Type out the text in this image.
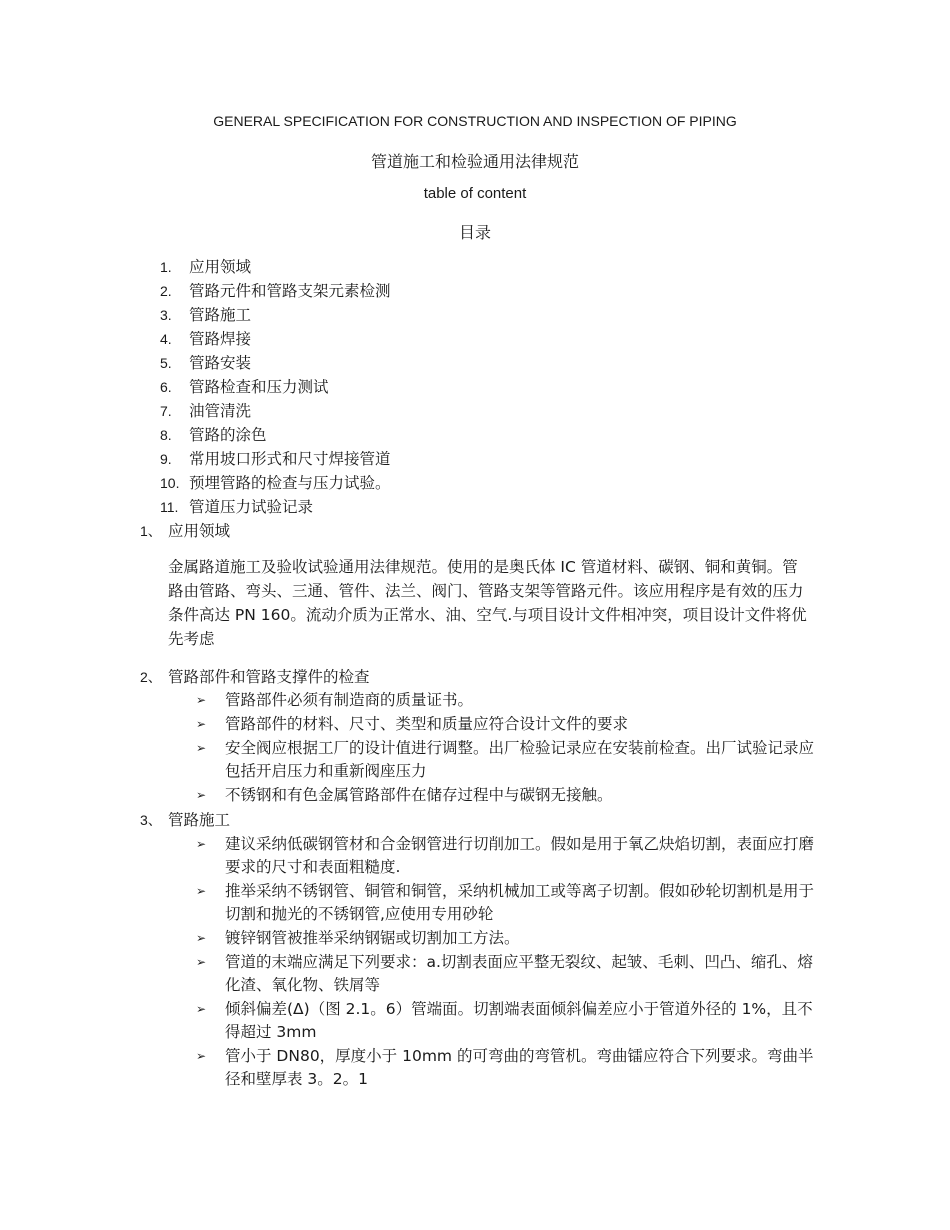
GENERAL SPECIFICATION FOR CONSTRUCTION AND INSPECTION OF PIPING
管道施工和检验通用法律规范
table of content
目录
1. 应用领域
2. 管路元件和管路支架元素检测
3. 管路施工
4. 管路焊接
5. 管路安装
6. 管路检查和压力测试
7. 油管清洗
8. 管路的涂色
9. 常用坡口形式和尺寸焊接管道
10. 预埋管路的检查与压力试验。
11. 管道压力试验记录
1、 应用领域
金属路道施工及验收试验通用法律规范。使用的是奥氏体 IC 管道材料、碳钢、铜和黄铜。管路由管路、弯头、三通、管件、法兰、阀门、管路支架等管路元件。该应用程序是有效的压力条件高达 PN 160。流动介质为正常水、油、空气.与项目设计文件相冲突，项目设计文件将优先考虑
2、 管路部件和管路支撑件的检查
➢ 管路部件必须有制造商的质量证书。
➢ 管路部件的材料、尺寸、类型和质量应符合设计文件的要求
➢ 安全阀应根据工厂的设计值进行调整。出厂检验记录应在安装前检查。出厂试验记录应包括开启压力和重新阀座压力
➢ 不锈钢和有色金属管路部件在储存过程中与碳钢无接触。
3、 管路施工
➢ 建议采纳低碳钢管材和合金钢管进行切削加工。假如是用于氧乙炔焰切割，表面应打磨要求的尺寸和表面粗糙度.
➢ 推举采纳不锈钢管、铜管和铜管，采纳机械加工或等离子切割。假如砂轮切割机是用于切割和抛光的不锈钢管,应使用专用砂轮
➢ 镀锌钢管被推举采纳钢锯或切割加工方法。
➢ 管道的末端应满足下列要求：a.切割表面应平整无裂纹、起皱、毛刺、凹凸、缩孔、熔化渣、氧化物、铁屑等
➢ 倾斜偏差(Δ)（图 2.1。6）管端面。切割端表面倾斜偏差应小于管道外径的 1%，且不得超过 3mm
➢ 管小于 DN80，厚度小于 10mm 的可弯曲的弯管机。弯曲镭应符合下列要求。弯曲半径和壁厚表 3。2。1
